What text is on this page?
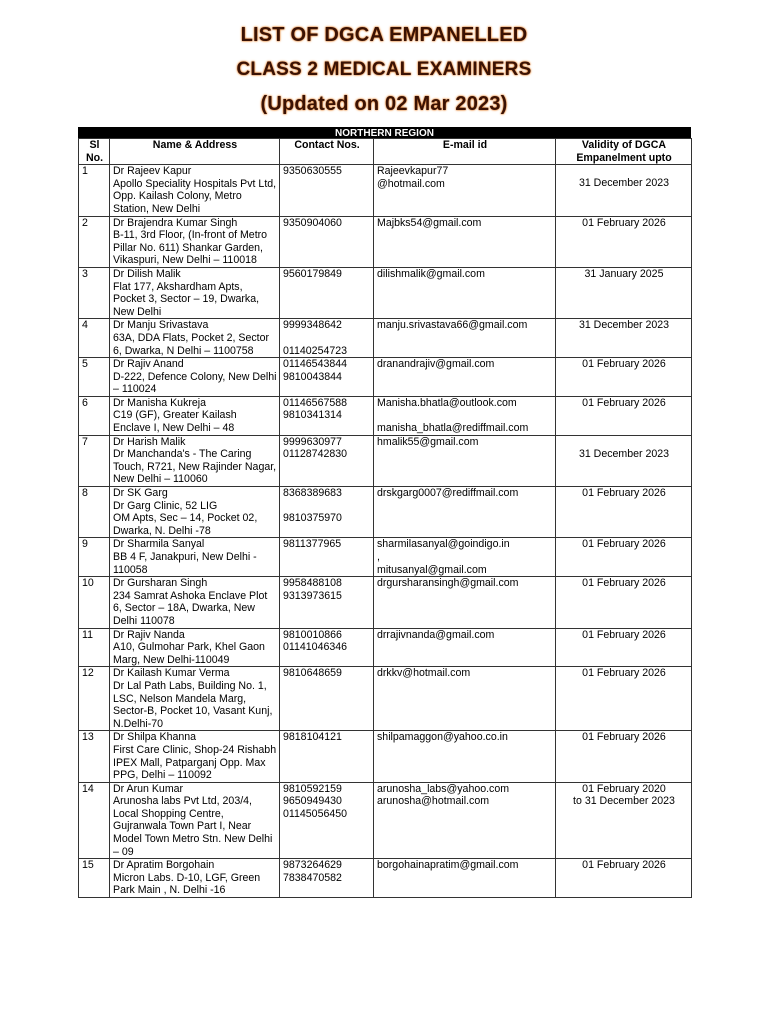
LIST OF DGCA EMPANELLED
CLASS 2 MEDICAL EXAMINERS
(Updated on 02 Mar 2023)
NORTHERN REGION
Sl
No.	Name & Address	Contact Nos.	E-mail id	Validity of DGCA
Empanelment upto
1	Dr Rajeev Kapur
Apollo Speciality Hospitals Pvt Ltd, Opp. Kailash Colony, Metro Station, New Delhi	9350630555	Rajeevkapur77
@hotmail.com	31 December 2023
2	Dr Brajendra Kumar Singh
B-11, 3rd Floor, (In-front of Metro Pillar No. 611) Shankar Garden, Vikaspuri, New Delhi – 110018	9350904060	Majbks54@gmail.com	01 February 2026
3	Dr Dilish Malik
Flat 177, Akshardham Apts, Pocket 3, Sector – 19, Dwarka, New Delhi	9560179849	dilishmalik@gmail.com	31 January 2025
4	Dr Manju Srivastava
63A, DDA Flats, Pocket 2, Sector 6, Dwarka, N Delhi – 1100758	9999348642

01140254723	manju.srivastava66@gmail.com	31 December 2023
5	Dr Rajiv Anand
D-222, Defence Colony, New Delhi – 110024	01146543844
9810043844	dranandrajiv@gmail.com	01 February 2026
6	Dr Manisha Kukreja
C19 (GF), Greater Kailash Enclave I, New Delhi – 48	01146567588
9810341314	Manisha.bhatla@outlook.com

manisha_bhatla@rediffmail.com	01 February 2026
7	Dr Harish Malik
Dr Manchanda's - The Caring Touch, R721, New Rajinder Nagar, New Delhi – 110060	9999630977
01128742830	hmalik55@gmail.com	31 December 2023
8	Dr SK Garg
Dr Garg Clinic, 52 LIG
OM Apts, Sec – 14, Pocket 02, Dwarka, N. Delhi -78	8368389683

9810375970	drskgarg0007@rediffmail.com	01 February 2026
9	Dr Sharmila Sanyal
BB 4 F, Janakpuri, New Delhi - 110058	9811377965	sharmilasanyal@goindigo.in
,
mitusanyal@gmail.com	01 February 2026
10	Dr Gursharan Singh
234 Samrat Ashoka Enclave Plot 6, Sector – 18A, Dwarka, New Delhi 110078	9958488108
9313973615	drgursharansingh@gmail.com	01 February 2026
11	Dr Rajiv Nanda
A10, Gulmohar Park, Khel Gaon Marg, New Delhi-110049	9810010866
01141046346	drrajivnanda@gmail.com	01 February 2026
12	Dr Kailash Kumar Verma
Dr Lal Path Labs, Building No. 1, LSC, Nelson Mandela Marg, Sector-B, Pocket 10, Vasant Kunj, N.Delhi-70	9810648659	drkkv@hotmail.com	01 February 2026
13	Dr Shilpa Khanna
First Care Clinic, Shop-24 Rishabh IPEX Mall, Patparganj Opp. Max PPG, Delhi – 110092	9818104121	shilpamaggon@yahoo.co.in	01 February 2026
14	Dr Arun Kumar
Arunosha labs Pvt Ltd, 203/4, Local Shopping Centre, Gujranwala Town Part I, Near Model Town Metro Stn. New Delhi – 09	9810592159
9650949430
01145056450	arunosha_labs@yahoo.com
arunosha@hotmail.com	01 February 2020
to 31 December 2023
15	Dr Apratim Borgohain
Micron Labs. D-10, LGF, Green Park Main , N. Delhi -16	9873264629
7838470582	borgohainapratim@gmail.com	01 February 2026
